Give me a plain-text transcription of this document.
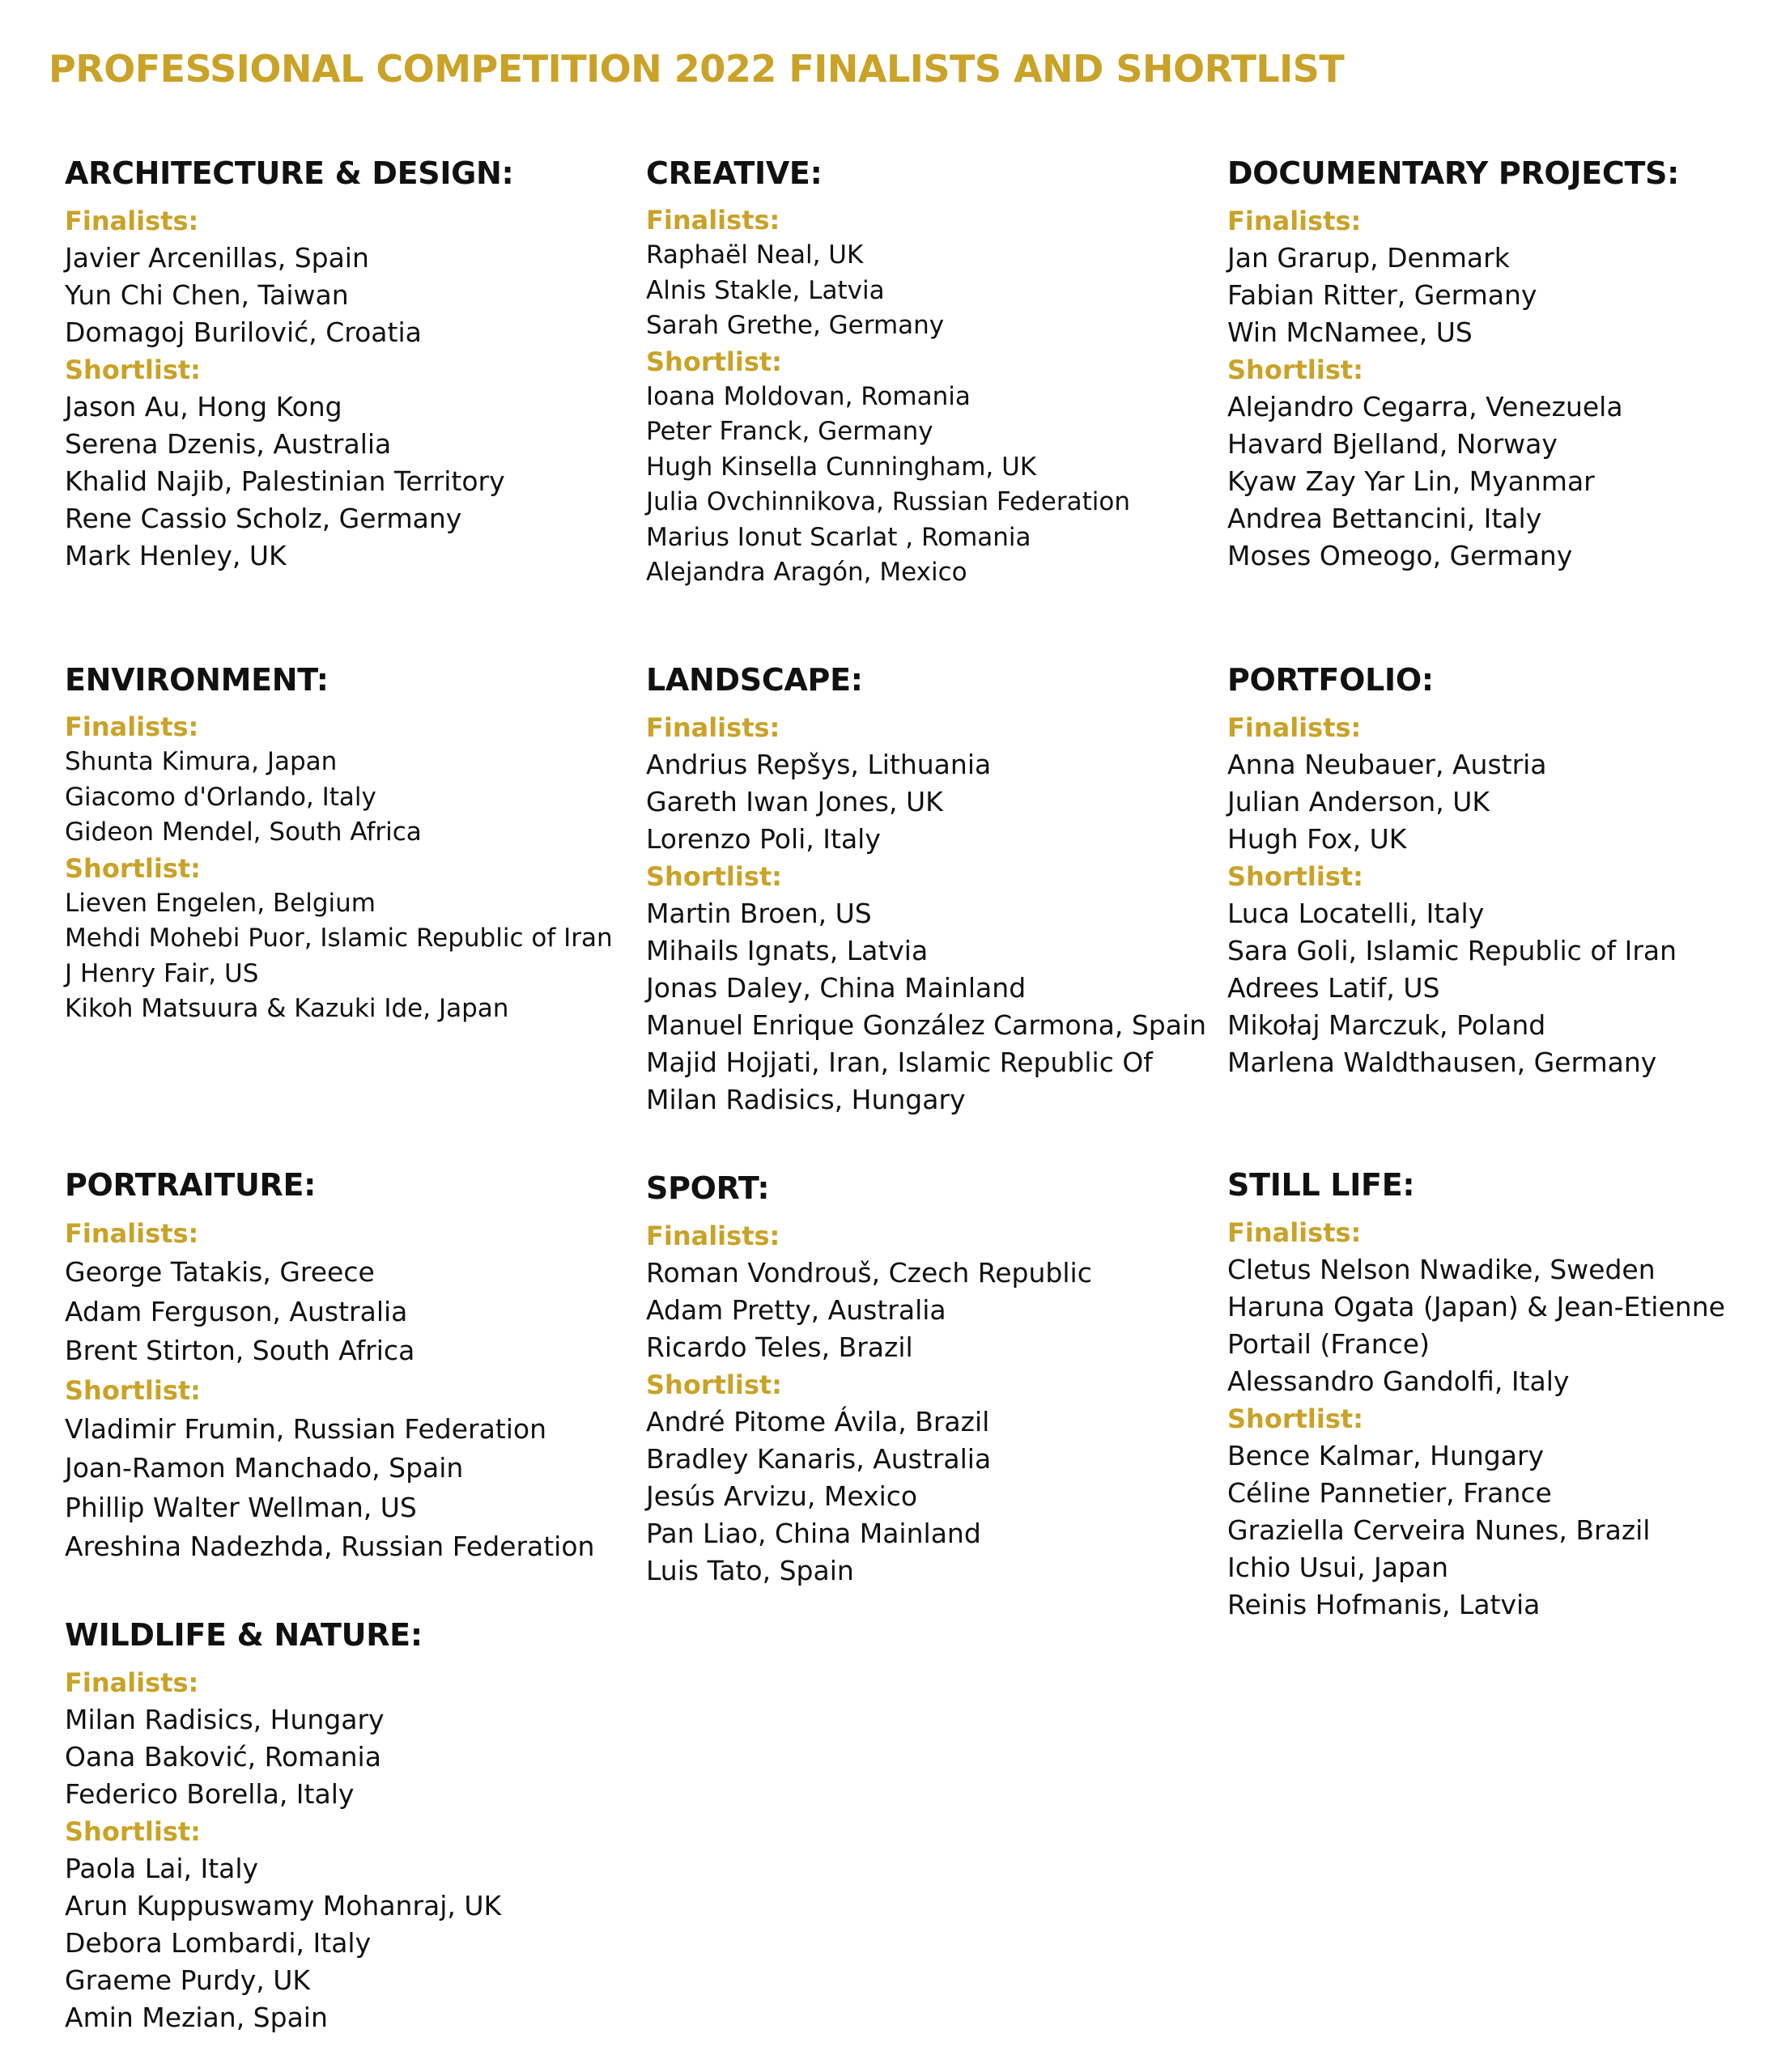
PROFESSIONAL COMPETITION 2022 FINALISTS AND SHORTLIST
ARCHITECTURE & DESIGN:
Finalists:
Javier Arcenillas, Spain
Yun Chi Chen, Taiwan
Domagoj Burilović, Croatia
Shortlist:
Jason Au, Hong Kong
Serena Dzenis, Australia
Khalid Najib, Palestinian Territory
Rene Cassio Scholz, Germany
Mark Henley, UK
CREATIVE:
Finalists:
Raphaël Neal, UK
Alnis Stakle, Latvia
Sarah Grethe, Germany
Shortlist:
Ioana Moldovan, Romania
Peter Franck, Germany
Hugh Kinsella Cunningham, UK
Julia Ovchinnikova, Russian Federation
Marius Ionut Scarlat , Romania
Alejandra Aragón, Mexico
DOCUMENTARY PROJECTS:
Finalists:
Jan Grarup, Denmark
Fabian Ritter, Germany
Win McNamee, US
Shortlist:
Alejandro Cegarra, Venezuela
Havard Bjelland, Norway
Kyaw Zay Yar Lin, Myanmar
Andrea Bettancini, Italy
Moses Omeogo, Germany
ENVIRONMENT:
Finalists:
Shunta Kimura, Japan
Giacomo d'Orlando, Italy
Gideon Mendel, South Africa
Shortlist:
Lieven Engelen, Belgium
Mehdi Mohebi Puor, Islamic Republic of Iran
J Henry Fair, US
Kikoh Matsuura & Kazuki Ide, Japan
LANDSCAPE:
Finalists:
Andrius Repšys, Lithuania
Gareth Iwan Jones, UK
Lorenzo Poli, Italy
Shortlist:
Martin Broen, US
Mihails Ignats, Latvia
Jonas Daley, China Mainland
Manuel Enrique González Carmona, Spain
Majid Hojjati, Iran, Islamic Republic Of
Milan Radisics, Hungary
PORTFOLIO:
Finalists:
Anna Neubauer, Austria
Julian Anderson, UK
Hugh Fox, UK
Shortlist:
Luca Locatelli, Italy
Sara Goli, Islamic Republic of Iran
Adrees Latif, US
Mikołaj Marczuk, Poland
Marlena Waldthausen, Germany
PORTRAITURE:
Finalists:
George Tatakis, Greece
Adam Ferguson, Australia
Brent Stirton, South Africa
Shortlist:
Vladimir Frumin, Russian Federation
Joan-Ramon Manchado, Spain
Phillip Walter Wellman, US
Areshina Nadezhda, Russian Federation
SPORT:
Finalists:
Roman Vondrouš, Czech Republic
Adam Pretty, Australia
Ricardo Teles, Brazil
Shortlist:
André Pitome Ávila, Brazil
Bradley Kanaris, Australia
Jesús Arvizu, Mexico
Pan Liao, China Mainland
Luis Tato, Spain
STILL LIFE:
Finalists:
Cletus Nelson Nwadike, Sweden
Haruna Ogata (Japan) & Jean-Etienne
Portail (France)
Alessandro Gandolfi, Italy
Shortlist:
Bence Kalmar, Hungary
Céline Pannetier, France
Graziella Cerveira Nunes, Brazil
Ichio Usui, Japan
Reinis Hofmanis, Latvia
WILDLIFE & NATURE:
Finalists:
Milan Radisics, Hungary
Oana Baković, Romania
Federico Borella, Italy
Shortlist:
Paola Lai, Italy
Arun Kuppuswamy Mohanraj, UK
Debora Lombardi, Italy
Graeme Purdy, UK
Amin Mezian, Spain
